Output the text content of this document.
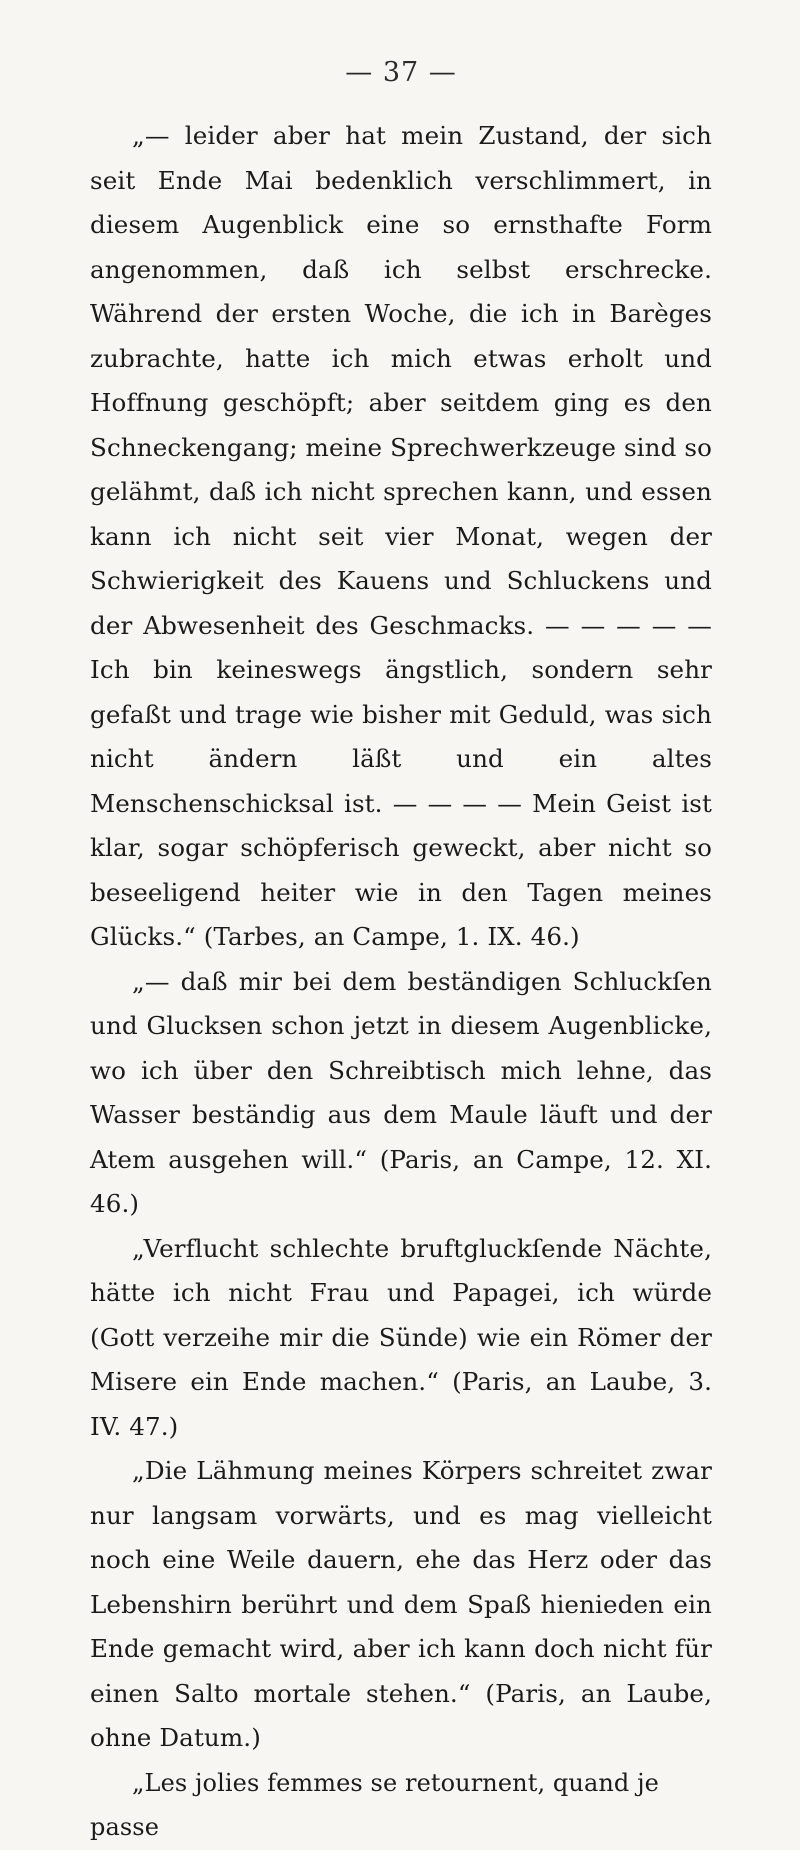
— 37 —

„— leider aber hat mein Zustand, der sich seit Ende Mai bedenklich verschlimmert, in diesem Augenblick eine so ernsthafte Form angenommen, daß ich selbst erschrecke. Während der ersten Woche, die ich in Barèges zubrachte, hatte ich mich etwas erholt und Hoffnung geschöpft; aber seitdem ging es den Schneckengang; meine Sprechwerkzeuge sind so gelähmt, daß ich nicht sprechen kann, und essen kann ich nicht seit vier Monat, wegen der Schwierigkeit des Kauens und Schluckens und der Abwesenheit des Geschmacks. — — — — — Ich bin keineswegs ängstlich, sondern sehr gefaßt und trage wie bisher mit Geduld, was sich nicht ändern läßt und ein altes Menschenschicksal ist. — — — — Mein Geist ist klar, sogar schöpferisch geweckt, aber nicht so beseeligend heiter wie in den Tagen meines Glücks.“ (Tarbes, an Campe, 1. IX. 46.)

„— daß mir bei dem beständigen Schluckſen und Glucksen schon jetzt in diesem Augenblicke, wo ich über den Schreibtisch mich lehne, das Wasser beständig aus dem Maule läuft und der Atem ausgehen will.“ (Paris, an Campe, 12. XI. 46.)

„Verflucht schlechte bruftgluckſende Nächte, hätte ich nicht Frau und Papagei, ich würde (Gott verzeihe mir die Sünde) wie ein Römer der Misere ein Ende machen.“ (Paris, an Laube, 3. IV. 47.)

„Die Lähmung meines Körpers schreitet zwar nur langsam vorwärts, und es mag vielleicht noch eine Weile dauern, ehe das Herz oder das Lebenshirn berührt und dem Spaß hienieden ein Ende gemacht wird, aber ich kann doch nicht für einen Salto mortale stehen.“ (Paris, an Laube, ohne Datum.)

„Les jolies femmes se retournent, quand je passe
